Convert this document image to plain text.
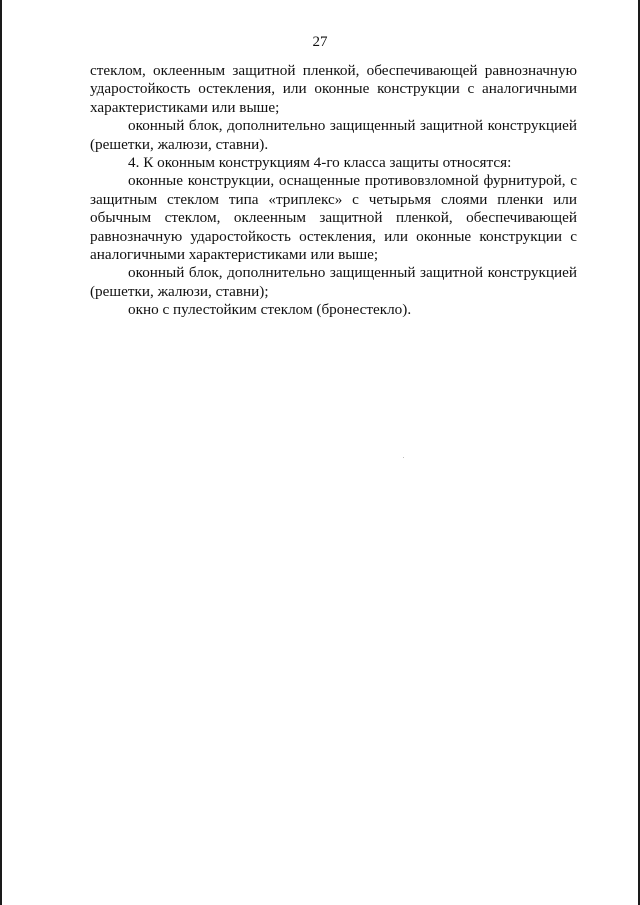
27

стеклом, оклеенным защитной пленкой, обеспечивающей равнозначную ударостойкость остекления, или оконные конструкции с аналогичными характеристиками или выше;

оконный блок, дополнительно защищенный защитной конструкцией (решетки, жалюзи, ставни).

4. К оконным конструкциям 4-го класса защиты относятся:

оконные конструкции, оснащенные противовзломной фурнитурой, с защитным стеклом типа «триплекс» с четырьмя слоями пленки или обычным стеклом, оклеенным защитной пленкой, обеспечивающей равнозначную ударостойкость остекления, или оконные конструкции с аналогичными характеристиками или выше;

оконный блок, дополнительно защищенный защитной конструкцией (решетки, жалюзи, ставни);

окно с пулестойким стеклом (бронестекло).
